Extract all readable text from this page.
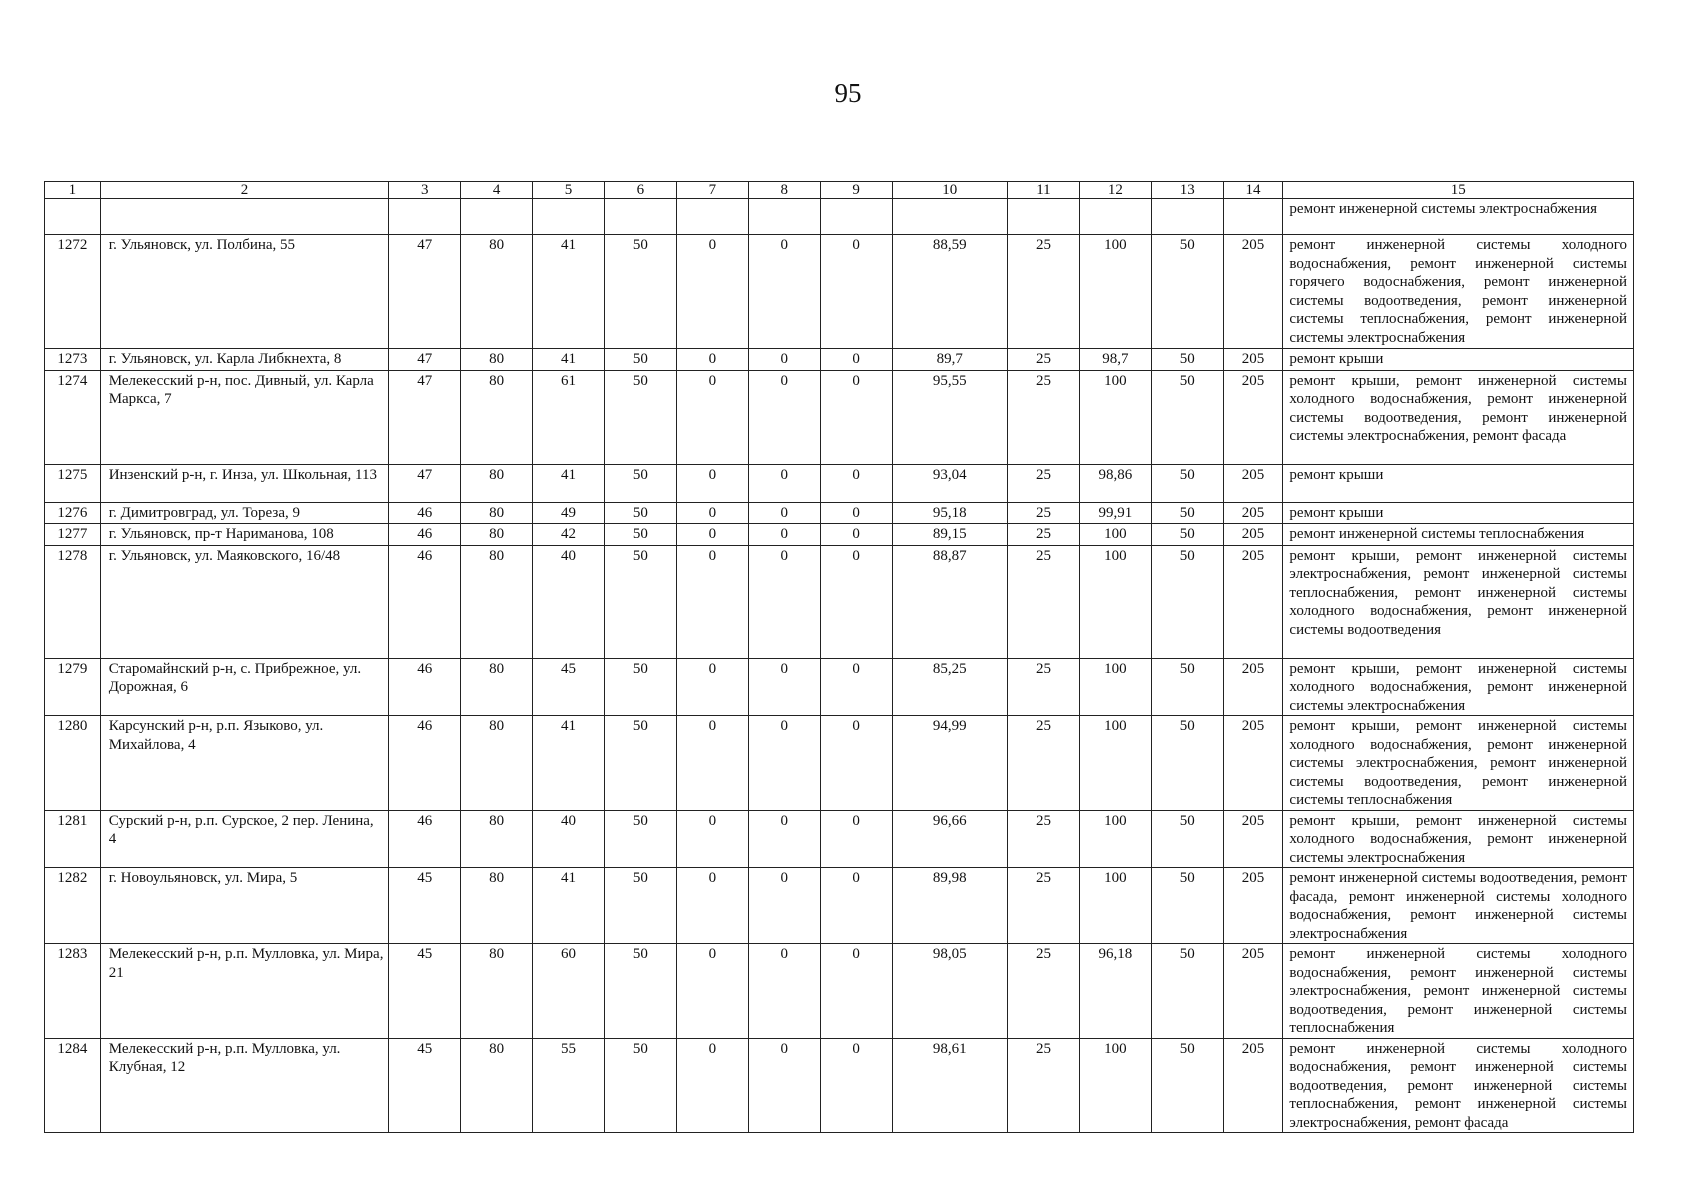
95
1	2	3	4	5	6	7	8	9	10	11	12	13	14	15
														ремонт инженерной системы электроснабжения
1272	г. Ульяновск, ул. Полбина, 55	47	80	41	50	0	0	0	88,59	25	100	50	205	ремонт инженерной системы холодного водоснабжения, ремонт инженерной системы горячего водоснабжения, ремонт инженерной системы водоотведения, ремонт инженерной системы теплоснабжения, ремонт инженерной системы электроснабжения
1273	г. Ульяновск, ул. Карла Либкнехта, 8	47	80	41	50	0	0	0	89,7	25	98,7	50	205	ремонт крыши
1274	Мелекесский р-н, пос. Дивный, ул. Карла Маркса, 7	47	80	61	50	0	0	0	95,55	25	100	50	205	ремонт крыши, ремонт инженерной системы холодного водоснабжения, ремонт инженерной системы водоотведения, ремонт инженерной системы электроснабжения, ремонт фасада
1275	Инзенский р-н, г. Инза, ул. Школьная, 113	47	80	41	50	0	0	0	93,04	25	98,86	50	205	ремонт крыши
1276	г. Димитровград, ул. Тореза, 9	46	80	49	50	0	0	0	95,18	25	99,91	50	205	ремонт крыши
1277	г. Ульяновск, пр-т Нариманова, 108	46	80	42	50	0	0	0	89,15	25	100	50	205	ремонт инженерной системы теплоснабжения
1278	г. Ульяновск, ул. Маяковского, 16/48	46	80	40	50	0	0	0	88,87	25	100	50	205	ремонт крыши, ремонт инженерной системы электроснабжения, ремонт инженерной системы теплоснабжения, ремонт инженерной системы холодного водоснабжения, ремонт инженерной системы водоотведения
1279	Старомайнский р-н, с. Прибрежное, ул. Дорожная, 6	46	80	45	50	0	0	0	85,25	25	100	50	205	ремонт крыши, ремонт инженерной системы холодного водоснабжения, ремонт инженерной системы электроснабжения
1280	Карсунский р-н, р.п. Языково, ул. Михайлова, 4	46	80	41	50	0	0	0	94,99	25	100	50	205	ремонт крыши, ремонт инженерной системы холодного водоснабжения, ремонт инженерной системы электроснабжения, ремонт инженерной системы водоотведения, ремонт инженерной системы теплоснабжения
1281	Сурский р-н, р.п. Сурское, 2 пер. Ленина, 4	46	80	40	50	0	0	0	96,66	25	100	50	205	ремонт крыши, ремонт инженерной системы холодного водоснабжения, ремонт инженерной системы электроснабжения
1282	г. Новоульяновск, ул. Мира, 5	45	80	41	50	0	0	0	89,98	25	100	50	205	ремонт инженерной системы водоотведения, ремонт фасада, ремонт инженерной системы холодного водоснабжения, ремонт инженерной системы электроснабжения
1283	Мелекесский р-н, р.п. Мулловка, ул. Мира, 21	45	80	60	50	0	0	0	98,05	25	96,18	50	205	ремонт инженерной системы холодного водоснабжения, ремонт инженерной системы электроснабжения, ремонт инженерной системы водоотведения, ремонт инженерной системы теплоснабжения
1284	Мелекесский р-н, р.п. Мулловка, ул. Клубная, 12	45	80	55	50	0	0	0	98,61	25	100	50	205	ремонт инженерной системы холодного водоснабжения, ремонт инженерной системы водоотведения, ремонт инженерной системы теплоснабжения, ремонт инженерной системы электроснабжения, ремонт фасада
